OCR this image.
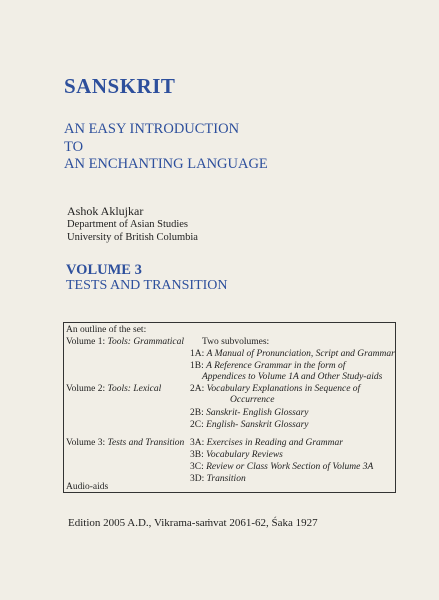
SANSKRIT
AN EASY INTRODUCTION
TO
AN ENCHANTING LANGUAGE
Ashok Aklujkar
Department of Asian Studies
University of British Columbia
VOLUME 3
TESTS AND TRANSITION
An outline of the set:
Volume 1: Tools: Grammatical Two subvolumes:
1A: A Manual of Pronunciation, Script and Grammar
1B: A Reference Grammar in the form of
Appendices to Volume 1A and Other Study-aids
Volume 2: Tools: Lexical	2A: Vocabulary Explanations in Sequence of
Occurrence
2B: Sanskrit- English Glossary
2C: English- Sanskrit Glossary
Volume 3: Tests and Transition 3A: Exercises in Reading and Grammar
3B: Vocabulary Reviews
3C: Review or Class Work Section of Volume 3A
3D: Transition
Audio-aids
Edition 2005 A.D., Vikrama-saṁvat 2061-62, Śaka 1927
